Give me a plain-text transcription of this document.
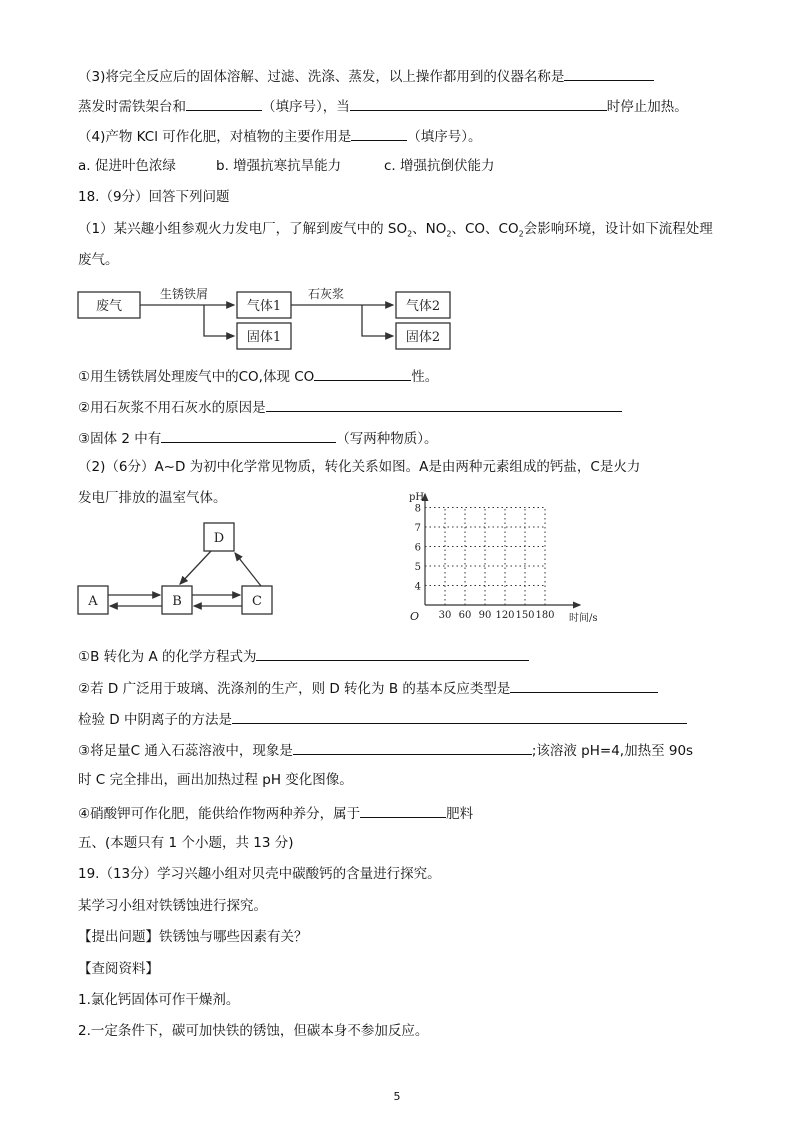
（3)将完全反应后的固体溶解、过滤、洗涤、蒸发，以上操作都用到的仪器名称是
蒸发时需铁架台和	（填序号），当	时停止加热。
（4)产物 KCl 可作化肥，对植物的主要作用是	（填序号）。
a. 促进叶色浓绿	b. 增强抗寒抗旱能力	c. 增强抗倒伏能力
18.（9分）回答下列问题
（1）某兴趣小组参观火力发电厂，了解到废气中的 $SO_2$、$NO_2$、CO、$CO_2$会影响环境，设计如下流程处理
废气。
废气
生锈铁屑
气体1
固体1
石灰浆
气体2
固体2
①用生锈铁屑处理废气中的CO,体现 CO	性。
②用石灰浆不用石灰水的原因是
③固体 2 中有	（写两种物质）。
（2)（6分）A~D 为初中化学常见物质，转化关系如图。A是由两种元素组成的钙盐，C是火力
发电厂排放的温室气体。
A	B	C
D
pH
O	时间/s
30 60 90 120 150 180
4
5
6
7
8
①B 转化为 A 的化学方程式为
②若 D 广泛用于玻璃、洗涤剂的生产，则 D 转化为 B 的基本反应类型是
检验 D 中阴离子的方法是
③将足量C 通入石蕊溶液中，现象是	;该溶液 pH=4,加热至 90s
时 C 完全排出，画出加热过程 pH 变化图像。
④硝酸钾可作化肥，能供给作物两种养分，属于	肥料
五、(本题只有 1 个小题，共 13 分)
19.（13分）学习兴趣小组对贝壳中碳酸钙的含量进行探究。
某学习小组对铁锈蚀进行探究。
【提出问题】铁锈蚀与哪些因素有关？
【查阅资料】
1.氯化钙固体可作干燥剂。
2.一定条件下，碳可加快铁的锈蚀，但碳本身不参加反应。
5
